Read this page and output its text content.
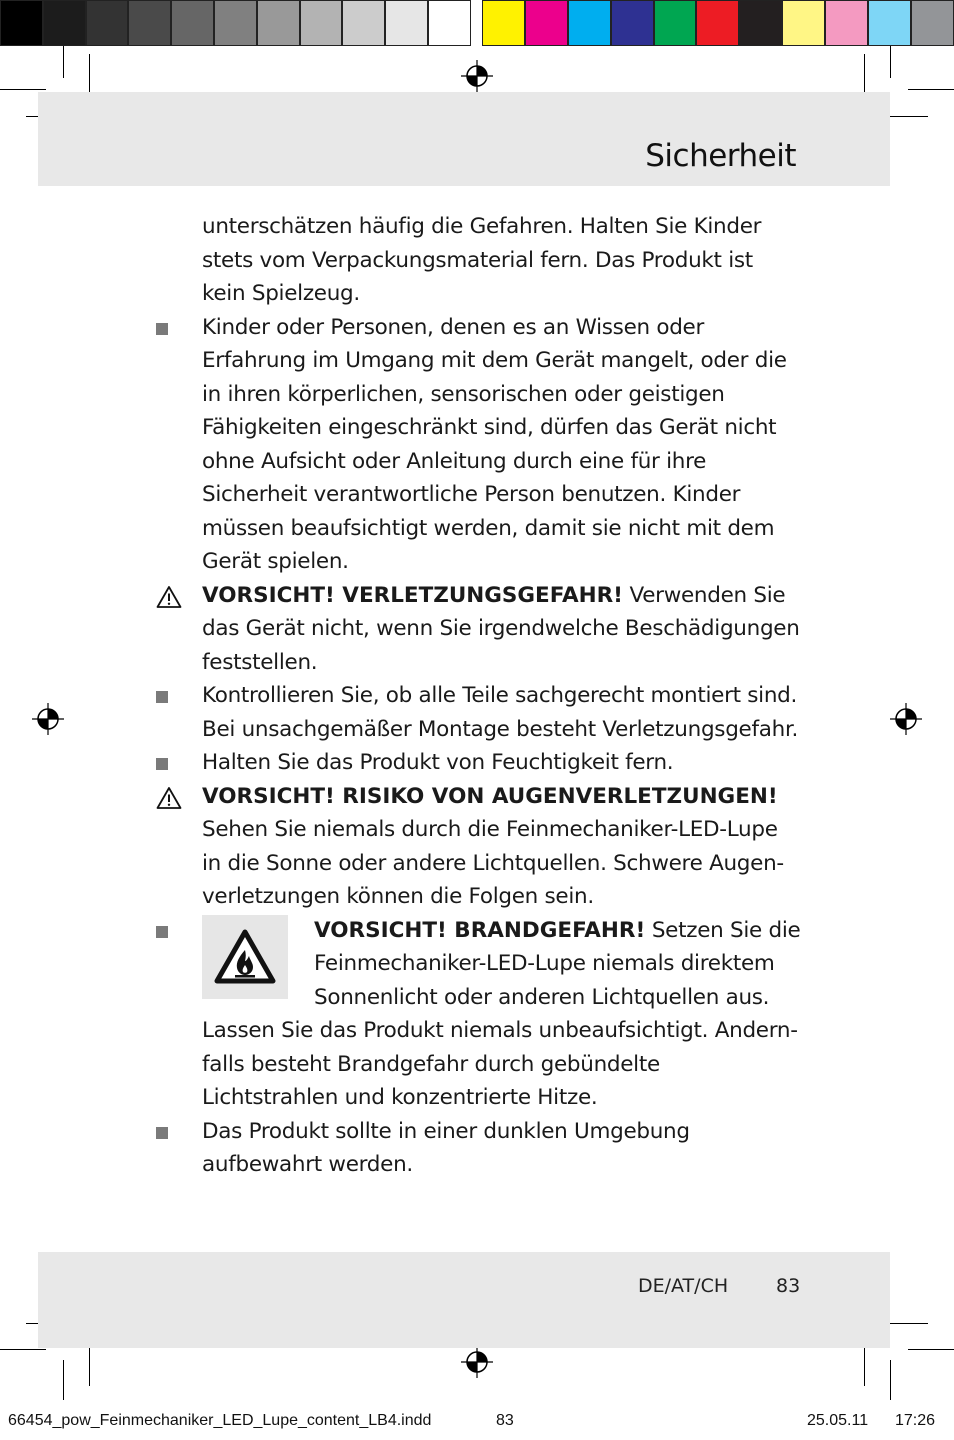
Sicherheit

unterschätzen häufig die Gefahren. Halten Sie Kinder stets vom Verpackungsmaterial fern. Das Produkt ist kein Spielzeug.

Kinder oder Personen, denen es an Wissen oder Erfahrung im Umgang mit dem Gerät mangelt, oder die in ihren körperlichen, sensorischen oder geistigen Fähigkeiten eingeschränkt sind, dürfen das Gerät nicht ohne Aufsicht oder Anleitung durch eine für ihre Sicherheit verantwortliche Person benutzen. Kinder müssen beaufsichtigt werden, damit sie nicht mit dem Gerät spielen.

VORSICHT! VERLETZUNGSGEFAHR! Verwenden Sie das Gerät nicht, wenn Sie irgendwelche Beschädigungen feststellen.

Kontrollieren Sie, ob alle Teile sachgerecht montiert sind. Bei unsachgemäßer Montage besteht Verletzungsgefahr.

Halten Sie das Produkt von Feuchtigkeit fern.

VORSICHT! RISIKO VON AUGENVERLETZUNGEN!
Sehen Sie niemals durch die Feinmechaniker-LED-Lupe in die Sonne oder andere Lichtquellen. Schwere Augen-verletzungen können die Folgen sein.

VORSICHT! BRANDGEFAHR! Setzen Sie die Feinmechaniker-LED-Lupe niemals direktem Sonnenlicht oder anderen Lichtquellen aus.

Lassen Sie das Produkt niemals unbeaufsichtigt. Andern-falls besteht Brandgefahr durch gebündelte Lichtstrahlen und konzentrierte Hitze.

Das Produkt sollte in einer dunklen Umgebung aufbewahrt werden.

DE/AT/CH	83
66454_pow_Feinmechaniker_LED_Lupe_content_LB4.indd	83	25.05.11 17:26
